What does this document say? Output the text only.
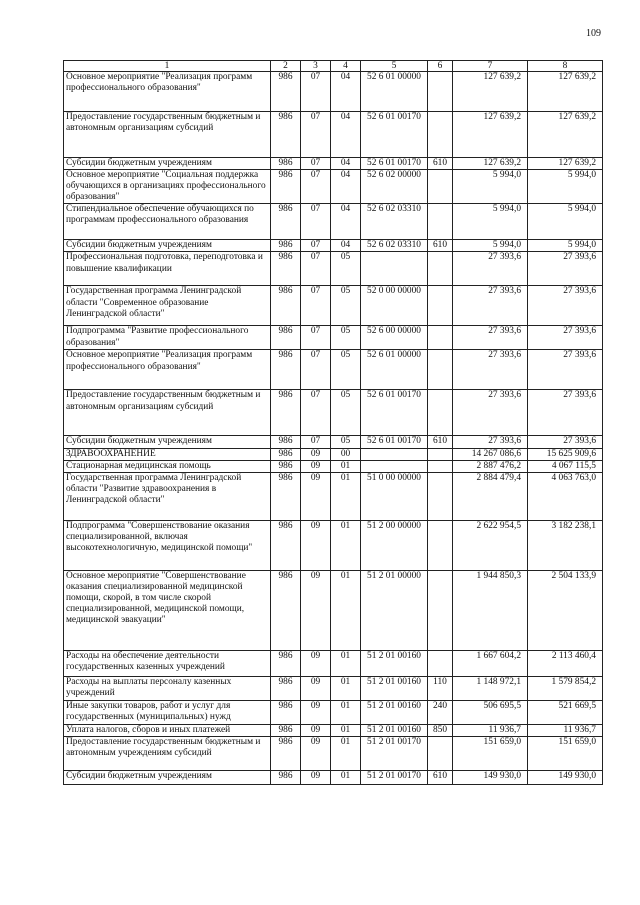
109
1	2	3	4	5	6	7	8
Основное мероприятие "Реализация программ профессионального образования"	986	07	04	52 6 01 00000		127 639,2	127 639,2
Предоставление государственным бюджетным и автономным организациям субсидий	986	07	04	52 6 01 00170		127 639,2	127 639,2
Субсидии бюджетным учреждениям	986	07	04	52 6 01 00170	610	127 639,2	127 639,2
Основное мероприятие "Социальная поддержка обучающихся в организациях профессионального образования"	986	07	04	52 6 02 00000		5 994,0	5 994,0
Стипендиальное обеспечение обучающихся по программам профессионального образования	986	07	04	52 6 02 03310		5 994,0	5 994,0
Субсидии бюджетным учреждениям	986	07	04	52 6 02 03310	610	5 994,0	5 994,0
Профессиональная подготовка, переподготовка и повышение квалификации	986	07	05			27 393,6	27 393,6
Государственная программа Ленинградской области "Современное образование Ленинградской области"	986	07	05	52 0 00 00000		27 393,6	27 393,6
Подпрограмма "Развитие профессионального образования"	986	07	05	52 6 00 00000		27 393,6	27 393,6
Основное мероприятие "Реализация программ профессионального образования"	986	07	05	52 6 01 00000		27 393,6	27 393,6
Предоставление государственным бюджетным и автономным организациям субсидий	986	07	05	52 6 01 00170		27 393,6	27 393,6
Субсидии бюджетным учреждениям	986	07	05	52 6 01 00170	610	27 393,6	27 393,6
ЗДРАВООХРАНЕНИЕ	986	09	00			14 267 086,6	15 625 909,6
Стационарная медицинская помощь	986	09	01			2 887 476,2	4 067 115,5
Государственная программа Ленинградской области "Развитие здравоохранения в Ленинградской области"	986	09	01	51 0 00 00000		2 884 479,4	4 063 763,0
Подпрограмма "Совершенствование оказания специализированной, включая высокотехнологичную, медицинской помощи"	986	09	01	51 2 00 00000		2 622 954,5	3 182 238,1
Основное мероприятие "Совершенствование оказания специализированной медицинской помощи, скорой, в том числе скорой специализированной, медицинской помощи, медицинской эвакуации"	986	09	01	51 2 01 00000		1 944 850,3	2 504 133,9
Расходы на обеспечение деятельности государственных казенных учреждений	986	09	01	51 2 01 00160		1 667 604,2	2 113 460,4
Расходы на выплаты персоналу казенных учреждений	986	09	01	51 2 01 00160	110	1 148 972,1	1 579 854,2
Иные закупки товаров, работ и услуг для государственных (муниципальных) нужд	986	09	01	51 2 01 00160	240	506 695,5	521 669,5
Уплата налогов, сборов и иных платежей	986	09	01	51 2 01 00160	850	11 936,7	11 936,7
Предоставление государственным бюджетным и автономным учреждениям субсидий	986	09	01	51 2 01 00170		151 659,0	151 659,0
Субсидии бюджетным учреждениям	986	09	01	51 2 01 00170	610	149 930,0	149 930,0
